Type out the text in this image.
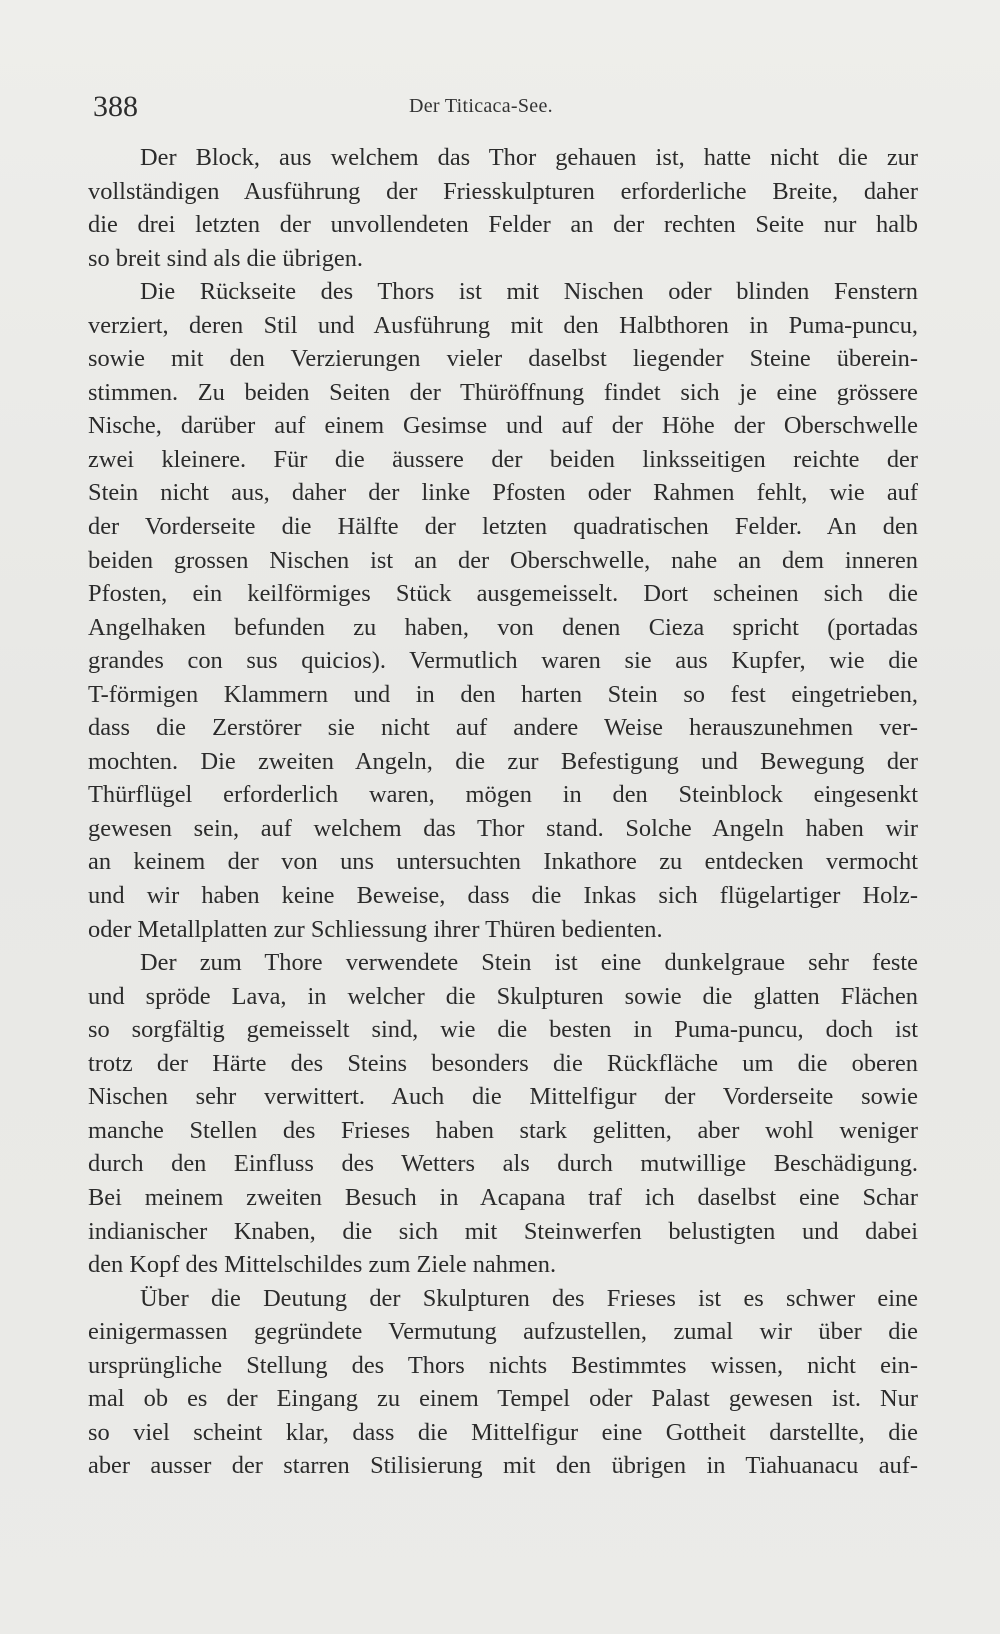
388	Der Titicaca-See.
Der Block, aus welchem das Thor gehauen ist, hatte nicht die zur
vollständigen Ausführung der Friesskulpturen erforderliche Breite, daher
die drei letzten der unvollendeten Felder an der rechten Seite nur halb
so breit sind als die übrigen.
Die Rückseite des Thors ist mit Nischen oder blinden Fenstern
verziert, deren Stil und Ausführung mit den Halbthoren in Puma-puncu,
sowie mit den Verzierungen vieler daselbst liegender Steine überein-
stimmen. Zu beiden Seiten der Thüröffnung findet sich je eine grössere
Nische, darüber auf einem Gesimse und auf der Höhe der Oberschwelle
zwei kleinere. Für die äussere der beiden linksseitigen reichte der
Stein nicht aus, daher der linke Pfosten oder Rahmen fehlt, wie auf
der Vorderseite die Hälfte der letzten quadratischen Felder. An den
beiden grossen Nischen ist an der Oberschwelle, nahe an dem inneren
Pfosten, ein keilförmiges Stück ausgemeisselt. Dort scheinen sich die
Angelhaken befunden zu haben, von denen Cieza spricht (portadas
grandes con sus quicios). Vermutlich waren sie aus Kupfer, wie die
T-förmigen Klammern und in den harten Stein so fest eingetrieben,
dass die Zerstörer sie nicht auf andere Weise herauszunehmen ver-
mochten. Die zweiten Angeln, die zur Befestigung und Bewegung der
Thürflügel erforderlich waren, mögen in den Steinblock eingesenkt
gewesen sein, auf welchem das Thor stand. Solche Angeln haben wir
an keinem der von uns untersuchten Inkathore zu entdecken vermocht
und wir haben keine Beweise, dass die Inkas sich flügelartiger Holz-
oder Metallplatten zur Schliessung ihrer Thüren bedienten.
Der zum Thore verwendete Stein ist eine dunkelgraue sehr feste
und spröde Lava, in welcher die Skulpturen sowie die glatten Flächen
so sorgfältig gemeisselt sind, wie die besten in Puma-puncu, doch ist
trotz der Härte des Steins besonders die Rückfläche um die oberen
Nischen sehr verwittert. Auch die Mittelfigur der Vorderseite sowie
manche Stellen des Frieses haben stark gelitten, aber wohl weniger
durch den Einfluss des Wetters als durch mutwillige Beschädigung.
Bei meinem zweiten Besuch in Acapana traf ich daselbst eine Schar
indianischer Knaben, die sich mit Steinwerfen belustigten und dabei
den Kopf des Mittelschildes zum Ziele nahmen.
Über die Deutung der Skulpturen des Frieses ist es schwer eine
einigermassen gegründete Vermutung aufzustellen, zumal wir über die
ursprüngliche Stellung des Thors nichts Bestimmtes wissen, nicht ein-
mal ob es der Eingang zu einem Tempel oder Palast gewesen ist. Nur
so viel scheint klar, dass die Mittelfigur eine Gottheit darstellte, die
aber ausser der starren Stilisierung mit den übrigen in Tiahuanacu auf-
